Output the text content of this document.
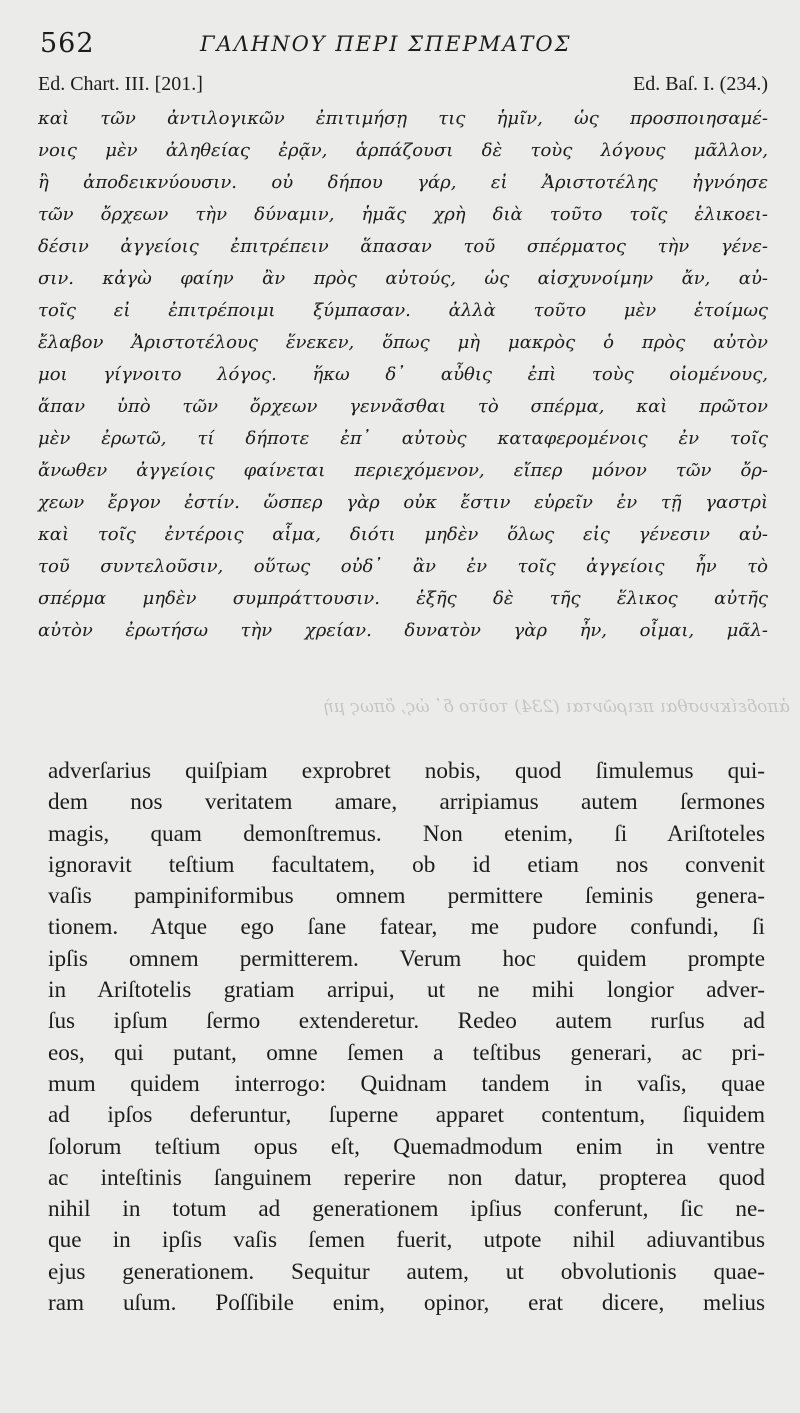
562	ΓΑΛΗΝΟΥ ΠΕΡΙ ΣΠΕΡΜΑΤΟΣ
Ed. Chart. III. [201.]	Ed. Baſ. I. (234.)
καὶ τῶν ἀντιλογικῶν ἐπιτιμήσῃ τις ἡμῖν, ὡς προσποιησαμέ-
νοις μὲν ἀληθείας ἐρᾷν, ἁρπάζουσι δὲ τοὺς λόγους μᾶλλον,
ἢ ἀποδεικνύουσιν. οὐ δήπου γάρ, εἰ Ἀριστοτέλης ἠγνόησε
τῶν ὄρχεων τὴν δύναμιν, ἡμᾶς χρὴ διὰ τοῦτο τοῖς ἑλικοει-
δέσιν ἀγγείοις ἐπιτρέπειν ἅπασαν τοῦ σπέρματος τὴν γένε-
σιν. κἀγὼ φαίην ἂν πρὸς αὐτούς, ὡς αἰσχυνοίμην ἄν, αὐ-
τοῖς εἰ ἐπιτρέποιμι ξύμπασαν. ἀλλὰ τοῦτο μὲν ἑτοίμως
ἔλαβον Ἀριστοτέλους ἕνεκεν, ὅπως μὴ μακρὸς ὁ πρὸς αὐτὸν
μοι γίγνοιτο λόγος. ἥκω δ᾽ αὖθις ἐπὶ τοὺς οἰομένους,
ἅπαν ὑπὸ τῶν ὄρχεων γεννᾶσθαι τὸ σπέρμα, καὶ πρῶτον
μὲν ἐρωτῶ, τί δήποτε ἐπ᾽ αὐτοὺς καταφερομένοις ἐν τοῖς
ἄνωθεν ἀγγείοις φαίνεται περιεχόμενον, εἴπερ μόνον τῶν ὄρ-
χεων ἔργον ἐστίν. ὥσπερ γὰρ οὐκ ἔστιν εὑρεῖν ἐν τῇ γαστρὶ
καὶ τοῖς ἐντέροις αἷμα, διότι μηδὲν ὅλως εἰς γένεσιν αὐ-
τοῦ συντελοῦσιν, οὕτως οὐδ᾽ ἂν ἐν τοῖς ἀγγείοις ἦν τὸ
σπέρμα μηδὲν συμπράττουσιν. ἑξῆς δὲ τῆς ἕλικος αὐτῆς
αὐτὸν ἐρωτήσω τὴν χρείαν. δυνατὸν γὰρ ἦν, οἶμαι, μᾶλ-
ἀποδείκνυσθαι πειρῶνται (234) τοῦτο δ᾽ ὡς, ὅπως μὴ
adverſarius quiſpiam exprobret nobis, quod ſimulemus qui-
dem nos veritatem amare, arripiamus autem ſermones
magis, quam demonſtremus. Non etenim, ſi Ariſtoteles
ignoravit teſtium facultatem, ob id etiam nos convenit
vaſis pampiniformibus omnem permittere ſeminis genera-
tionem. Atque ego ſane fatear, me pudore confundi, ſi
ipſis omnem permitterem. Verum hoc quidem prompte
in Ariſtotelis gratiam arripui, ut ne mihi longior adver-
ſus ipſum ſermo extenderetur. Redeo autem rurſus ad
eos, qui putant, omne ſemen a teſtibus generari, ac pri-
mum quidem interrogo: Quidnam tandem in vaſis, quae
ad ipſos deferuntur, ſuperne apparet contentum, ſiquidem
ſolorum teſtium opus eſt, Quemadmodum enim in ventre
ac inteſtinis ſanguinem reperire non datur, propterea quod
nihil in totum ad generationem ipſius conferunt, ſic ne-
que in ipſis vaſis ſemen fuerit, utpote nihil adiuvantibus
ejus generationem. Sequitur autem, ut obvolutionis quae-
ram uſum. Poſſibile enim, opinor, erat dicere, melius
